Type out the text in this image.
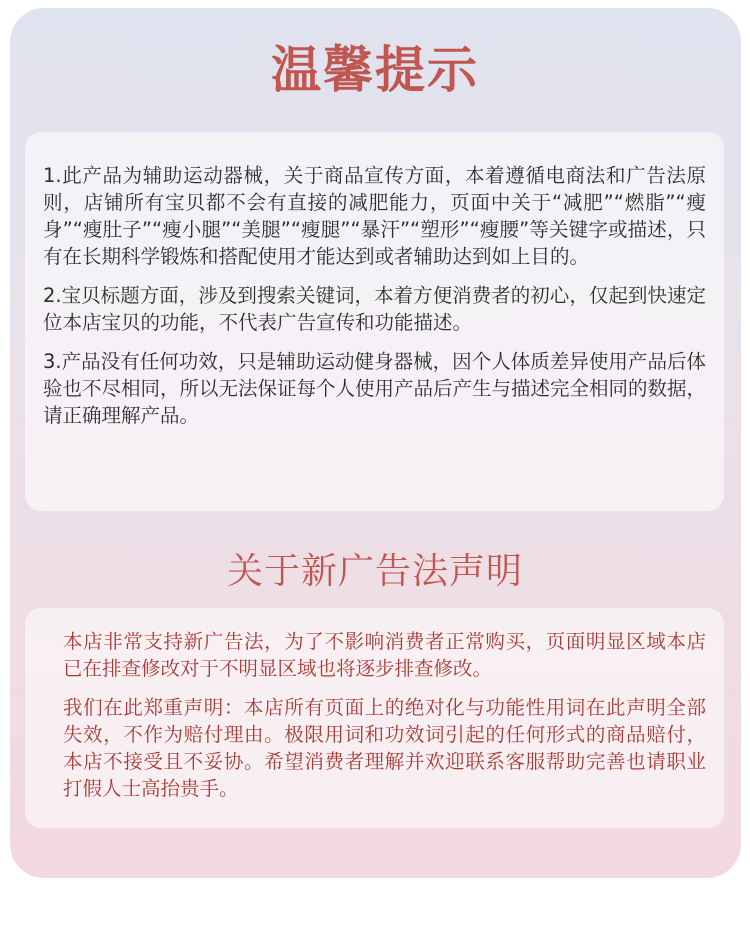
温馨提示

1.此产品为辅助运动器械，关于商品宣传方面，本着遵循电商法和广告法原则，店铺所有宝贝都不会有直接的减肥能力，页面中关于“减肥”“燃脂”“瘦身”“瘦肚子”“瘦小腿”“美腿”“瘦腿”“暴汗”“塑形”“瘦腰”等关键字或描述，只有在长期科学锻炼和搭配使用才能达到或者辅助达到如上目的。

2.宝贝标题方面，涉及到搜索关键词，本着方便消费者的初心，仅起到快速定位本店宝贝的功能，不代表广告宣传和功能描述。

3.产品没有任何功效，只是辅助运动健身器械，因个人体质差异使用产品后体验也不尽相同，所以无法保证每个人使用产品后产生与描述完全相同的数据，请正确理解产品。

关于新广告法声明

本店非常支持新广告法，为了不影响消费者正常购买，页面明显区域本店已在排查修改对于不明显区域也将逐步排查修改。

我们在此郑重声明：本店所有页面上的绝对化与功能性用词在此声明全部失效，不作为赔付理由。极限用词和功效词引起的任何形式的商品赔付，本店不接受且不妥协。希望消费者理解并欢迎联系客服帮助完善也请职业打假人士高抬贵手。
